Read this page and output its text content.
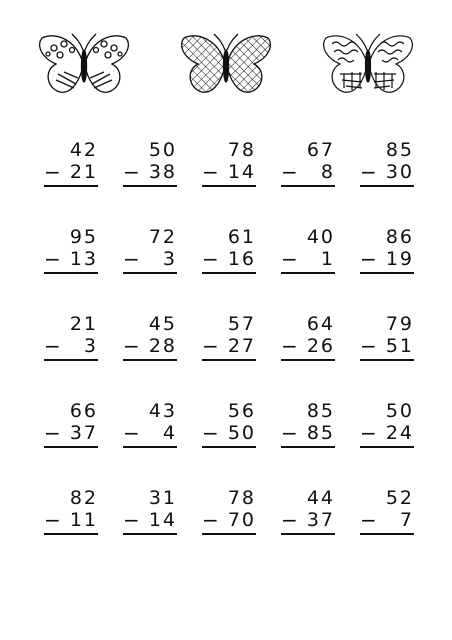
42
− 21
50
− 38
78
− 14
67
− 8
85
− 30
95
− 13
72
− 3
61
− 16
40
− 1
86
− 19
21
− 3
45
− 28
57
− 27
64
− 26
79
− 51
66
− 37
43
− 4
56
− 50
85
− 85
50
− 24
82
− 11
31
− 14
78
− 70
44
− 37
52
− 7
